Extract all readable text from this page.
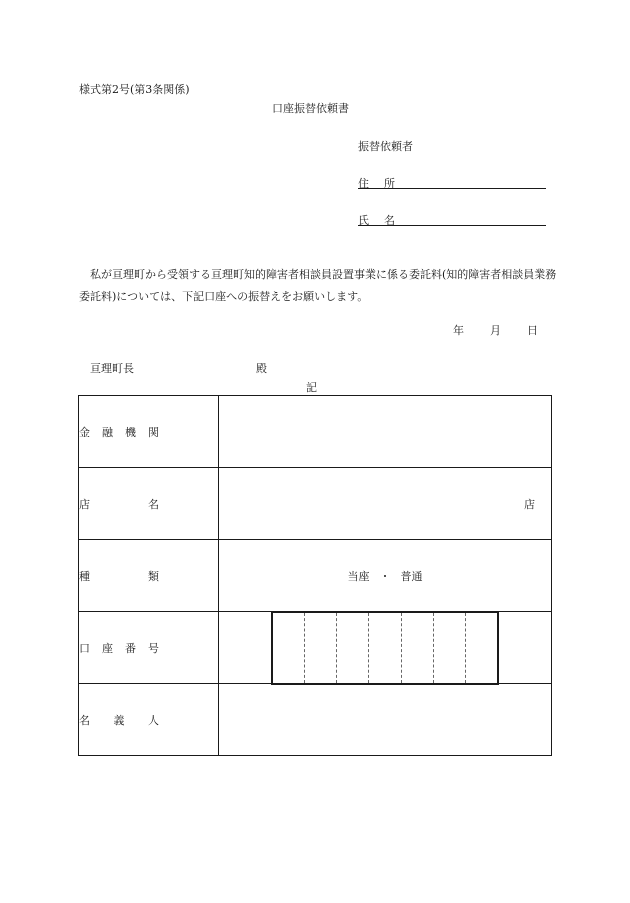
様式第2号(第3条関係)
口座振替依頼書
振替依頼者
住所
氏名
私が亘理町から受領する亘理町知的障害者相談員設置事業に係る委託料(知的障害者相談員業務委託料)については、下記口座への振替えをお願いします。
年 月 日
亘理町長	殿
記
金 融 機 関	

店 名	店

種 類	当座 ・ 普通

口 座 番 号	

名 義 人	
